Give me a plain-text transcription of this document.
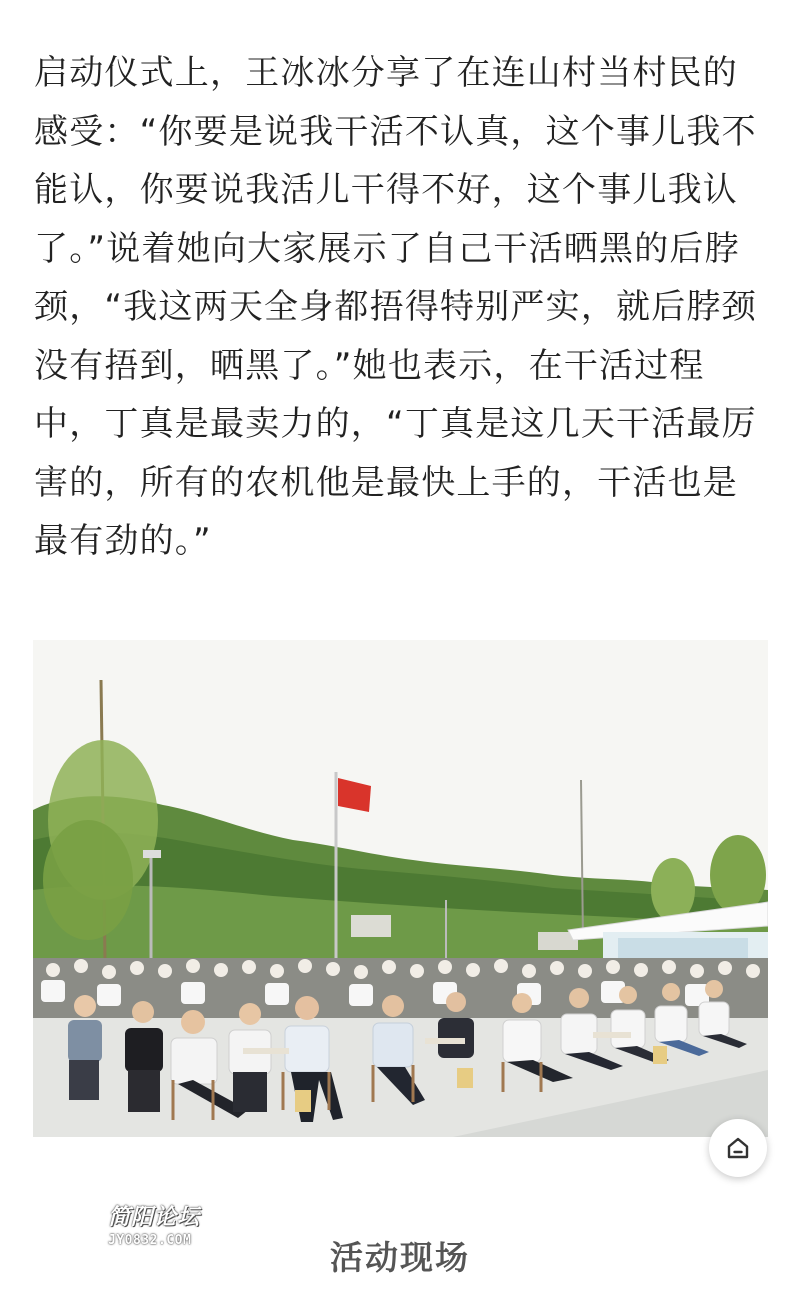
启动仪式上，王冰冰分享了在连山村当村民的感受：“你要是说我干活不认真，这个事儿我不能认，你要说我活儿干得不好，这个事儿我认了。”说着她向大家展示了自己干活晒黑的后脖颈，“我这两天全身都捂得特别严实，就后脖颈没有捂到，晒黑了。”她也表示，在干活过程中，丁真是最卖力的，“丁真是这几天干活最厉害的，所有的农机他是最快上手的，干活也是最有劲的。”

简阳论坛
JY0832.COM	活动现场
